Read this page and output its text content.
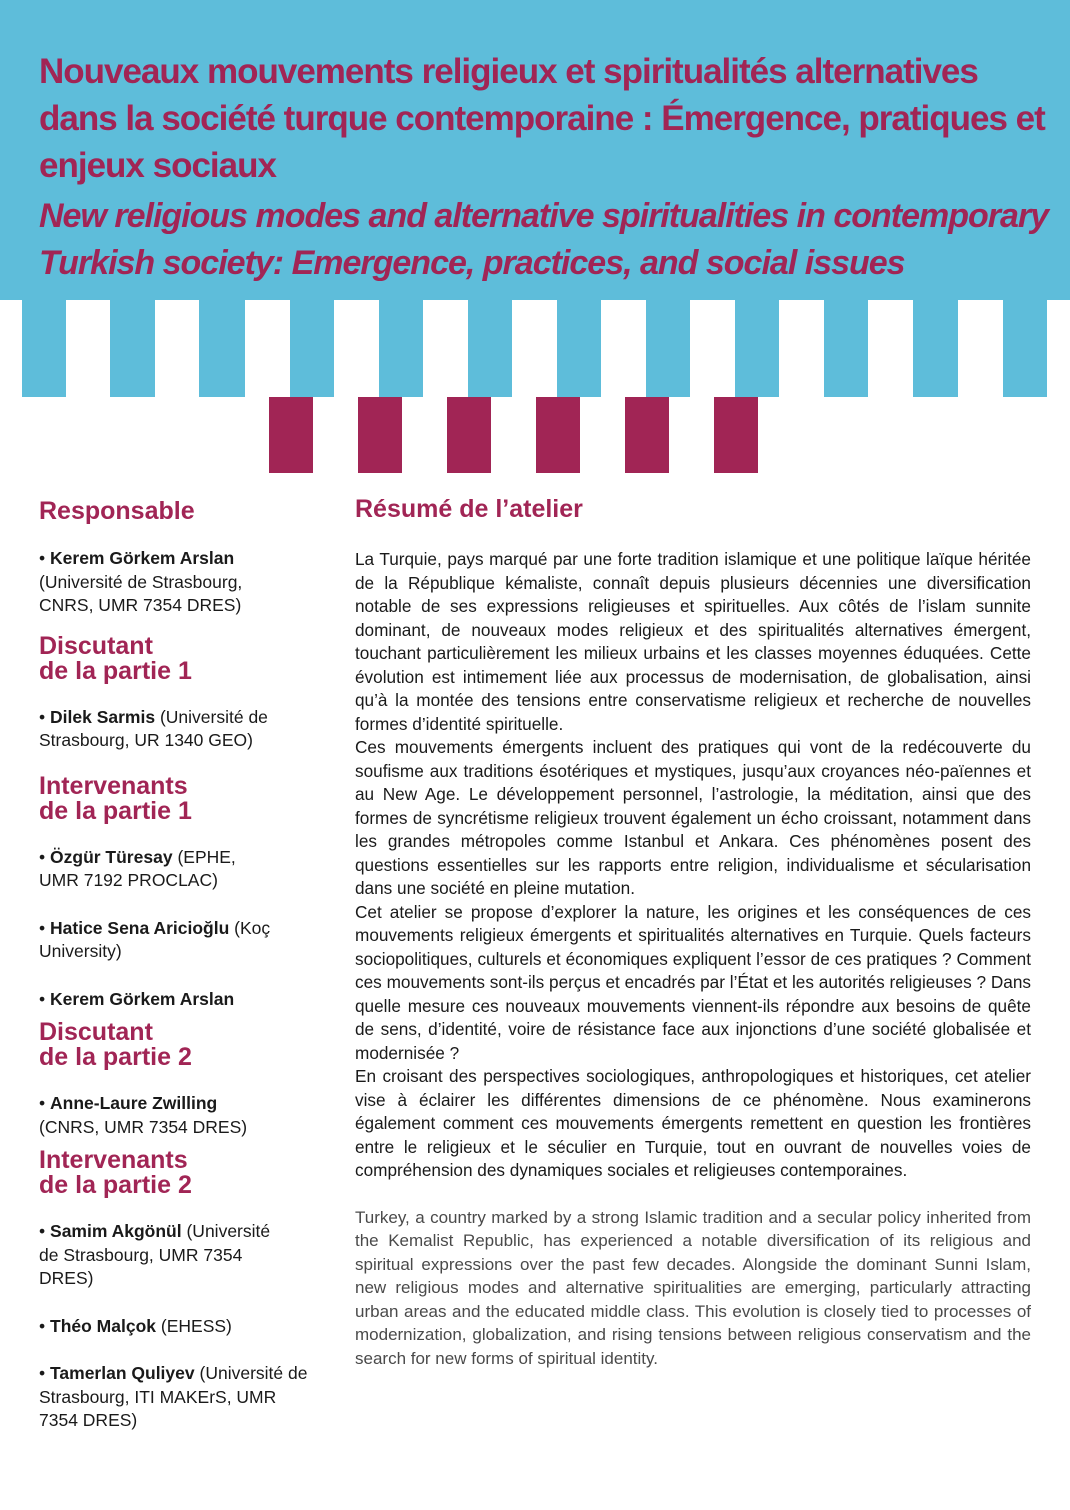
Nouveaux mouvements religieux et spiritualités alternatives dans la société turque contemporaine : Émergence, pratiques et enjeux sociaux
New religious modes and alternative spiritualities in contemporary Turkish society: Emergence, practices, and social issues
Responsable
• Kerem Görkem Arslan (Université de Strasbourg, CNRS, UMR 7354 DRES)
Discutant
de la partie 1
• Dilek Sarmis (Université de Strasbourg, UR 1340 GEO)
Intervenants
de la partie 1
• Özgür Türesay (EPHE, UMR 7192 PROCLAC)
• Hatice Sena Aricioğlu (Koç University)
• Kerem Görkem Arslan
Discutant
de la partie 2
• Anne-Laure Zwilling (CNRS, UMR 7354 DRES)
Intervenants
de la partie 2
• Samim Akgönül (Université de Strasbourg, UMR 7354 DRES)
• Théo Malçok (EHESS)
• Tamerlan Quliyev (Université de Strasbourg, ITI MAKErS, UMR 7354 DRES)
Résumé de l’atelier

La Turquie, pays marqué par une forte tradition islamique et une politique laïque héritée de la République kémaliste, connaît depuis plusieurs décennies une diversification notable de ses expressions religieuses et spirituelles. Aux côtés de l’islam sunnite dominant, de nouveaux modes religieux et des spiritualités alternatives émergent, touchant particulièrement les milieux urbains et les classes moyennes éduquées. Cette évolution est intimement liée aux processus de modernisation, de globalisation, ainsi qu’à la montée des tensions entre conservatisme religieux et recherche de nouvelles formes d’identité spirituelle.

Ces mouvements émergents incluent des pratiques qui vont de la redécouverte du soufisme aux traditions ésotériques et mystiques, jusqu’aux croyances néo-païennes et au New Age. Le développement personnel, l’astrologie, la méditation, ainsi que des formes de syncrétisme religieux trouvent également un écho croissant, notamment dans les grandes métropoles comme Istanbul et Ankara. Ces phénomènes posent des questions essentielles sur les rapports entre religion, individualisme et sécularisation dans une société en pleine mutation.

Cet atelier se propose d’explorer la nature, les origines et les conséquences de ces mouvements religieux émergents et spiritualités alternatives en Turquie. Quels facteurs sociopolitiques, culturels et économiques expliquent l’essor de ces pratiques ? Comment ces mouvements sont-ils perçus et encadrés par l’État et les autorités religieuses ? Dans quelle mesure ces nouveaux mouvements viennent-ils répondre aux besoins de quête de sens, d’identité, voire de résistance face aux injonctions d’une société globalisée et modernisée ?

En croisant des perspectives sociologiques, anthropologiques et historiques, cet atelier vise à éclairer les différentes dimensions de ce phénomène. Nous examinerons également comment ces mouvements émergents remettent en question les frontières entre le religieux et le séculier en Turquie, tout en ouvrant de nouvelles voies de compréhension des dynamiques sociales et religieuses contemporaines.

Turkey, a country marked by a strong Islamic tradition and a secular policy inherited from the Kemalist Republic, has experienced a notable diversification of its religious and spiritual expressions over the past few decades. Alongside the dominant Sunni Islam, new religious modes and alternative spiritualities are emerging, particularly attracting urban areas and the educated middle class. This evolution is closely tied to processes of modernization, globalization, and rising tensions between religious conservatism and the search for new forms of spiritual identity.
